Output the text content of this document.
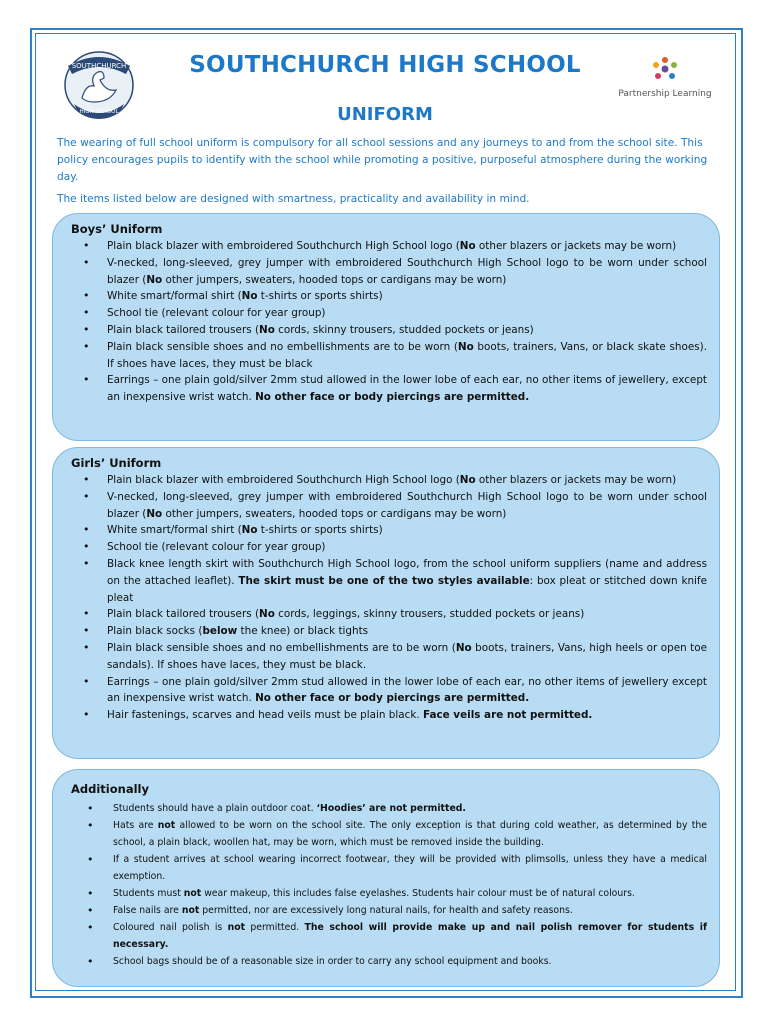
SOUTHCHURCH
HIGH SCHOOL
SOUTHCHURCH HIGH SCHOOL
UNIFORM
Partnership Learning

The wearing of full school uniform is compulsory for all school sessions and any journeys to and from the school site. This policy encourages pupils to identify with the school while promoting a positive, purposeful atmosphere during the working day.

The items listed below are designed with smartness, practicality and availability in mind.

Boys’ Uniform
• Plain black blazer with embroidered Southchurch High School logo (No other blazers or jackets may be worn)
• V-necked, long-sleeved, grey jumper with embroidered Southchurch High School logo to be worn under school blazer (No other jumpers, sweaters, hooded tops or cardigans may be worn)
• White smart/formal shirt (No t-shirts or sports shirts)
• School tie (relevant colour for year group)
• Plain black tailored trousers (No cords, skinny trousers, studded pockets or jeans)
• Plain black sensible shoes and no embellishments are to be worn (No boots, trainers, Vans, or black skate shoes). If shoes have laces, they must be black
• Earrings – one plain gold/silver 2mm stud allowed in the lower lobe of each ear, no other items of jewellery, except an inexpensive wrist watch. No other face or body piercings are permitted.
Girls’ Uniform
• Plain black blazer with embroidered Southchurch High School logo (No other blazers or jackets may be worn)
• V-necked, long-sleeved, grey jumper with embroidered Southchurch High School logo to be worn under school blazer (No other jumpers, sweaters, hooded tops or cardigans may be worn)
• White smart/formal shirt (No t-shirts or sports shirts)
• School tie (relevant colour for year group)
• Black knee length skirt with Southchurch High School logo, from the school uniform suppliers (name and address on the attached leaflet). The skirt must be one of the two styles available: box pleat or stitched down knife pleat
• Plain black tailored trousers (No cords, leggings, skinny trousers, studded pockets or jeans)
• Plain black socks (below the knee) or black tights
• Plain black sensible shoes and no embellishments are to be worn (No boots, trainers, Vans, high heels or open toe sandals). If shoes have laces, they must be black.
• Earrings – one plain gold/silver 2mm stud allowed in the lower lobe of each ear, no other items of jewellery except an inexpensive wrist watch. No other face or body piercings are permitted.
• Hair fastenings, scarves and head veils must be plain black. Face veils are not permitted.
Additionally
• Students should have a plain outdoor coat. ‘Hoodies’ are not permitted.
• Hats are not allowed to be worn on the school site. The only exception is that during cold weather, as determined by the school, a plain black, woollen hat, may be worn, which must be removed inside the building.
• If a student arrives at school wearing incorrect footwear, they will be provided with plimsolls, unless they have a medical exemption.
• Students must not wear makeup, this includes false eyelashes. Students hair colour must be of natural colours.
• False nails are not permitted, nor are excessively long natural nails, for health and safety reasons.
• Coloured nail polish is not permitted. The school will provide make up and nail polish remover for students if necessary.
• School bags should be of a reasonable size in order to carry any school equipment and books.
